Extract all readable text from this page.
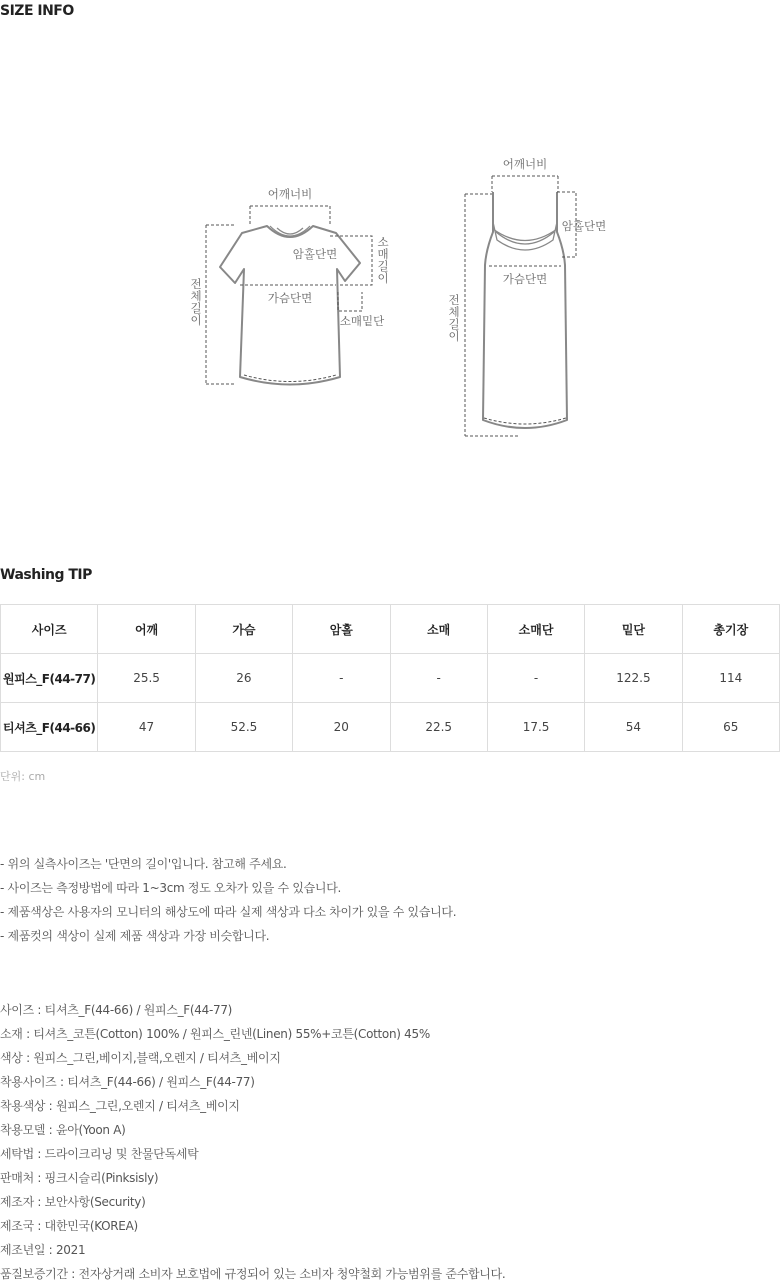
SIZE INFO
어깨너비
암홀단면
가슴단면
소매밑단
전
체
길
이
소
매
길
이
어깨너비
암홀단면
가슴단면
전
체
길
이
Washing TIP
사이즈	어깨	가슴	암홀	소매	소매단	밑단	총기장
원피스_F(44-77)	25.5	26	-	-	-	122.5	114
티셔츠_F(44-66)	47	52.5	20	22.5	17.5	54	65
단위: cm
- 위의 실측사이즈는 '단면의 길이'입니다. 참고해 주세요.
- 사이즈는 측정방법에 따라 1~3cm 정도 오차가 있을 수 있습니다.
- 제품색상은 사용자의 모니터의 해상도에 따라 실제 색상과 다소 차이가 있을 수 있습니다.
- 제품컷의 색상이 실제 제품 색상과 가장 비슷합니다.
사이즈 : 티셔츠_F(44-66) / 원피스_F(44-77)
소재 : 티셔츠_코튼(Cotton) 100% / 원피스_린넨(Linen) 55%+코튼(Cotton) 45%
색상 : 원피스_그린,베이지,블랙,오렌지 / 티셔츠_베이지
착용사이즈 : 티셔츠_F(44-66) / 원피스_F(44-77)
착용색상 : 원피스_그린,오렌지 / 티셔츠_베이지
착용모델 : 윤아(Yoon A)
세탁법 : 드라이크리닝 및 찬물단독세탁
판매처 : 핑크시슬리(Pinksisly)
제조자 : 보안사항(Security)
제조국 : 대한민국(KOREA)
제조년일 : 2021
품질보증기간 : 전자상거래 소비자 보호법에 규정되어 있는 소비자 청약철회 가능범위를 준수합니다.
